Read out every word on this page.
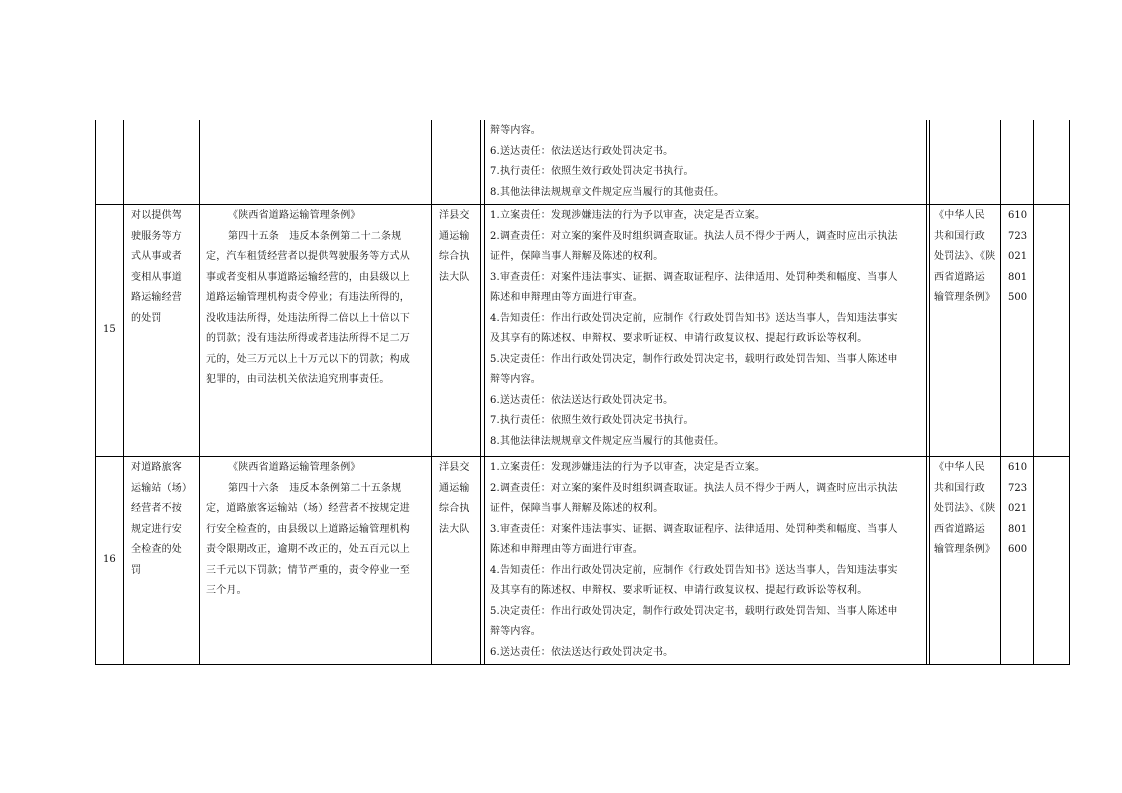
辩等内容。
6.送达责任：依法送达行政处罚决定书。
7.执行责任：依照生效行政处罚决定书执行。
8.其他法律法规规章文件规定应当履行的其他责任。
15
对以提供驾
驶服务等方
式从事或者
变相从事道
路运输经营
的处罚
《陕西省道路运输管理条例》
第四十五条　违反本条例第二十二条规
定，汽车租赁经营者以提供驾驶服务等方式从
事或者变相从事道路运输经营的，由县级以上
道路运输管理机构责令停业；有违法所得的，
没收违法所得，处违法所得二倍以上十倍以下
的罚款；没有违法所得或者违法所得不足二万
元的，处三万元以上十万元以下的罚款；构成
犯罪的，由司法机关依法追究刑事责任。
洋县交
通运输
综合执
法大队
1.立案责任：发现涉嫌违法的行为予以审查，决定是否立案。
2.调查责任：对立案的案件及时组织调查取证。执法人员不得少于两人，调查时应出示执法
证件，保障当事人辩解及陈述的权利。
3.审查责任：对案件违法事实、证据、调查取证程序、法律适用、处罚种类和幅度、当事人
陈述和申辩理由等方面进行审查。
4.告知责任：作出行政处罚决定前，应制作《行政处罚告知书》送达当事人，告知违法事实
及其享有的陈述权、申辩权、要求听证权、申请行政复议权、提起行政诉讼等权利。
5.决定责任：作出行政处罚决定，制作行政处罚决定书，载明行政处罚告知、当事人陈述申
辩等内容。
6.送达责任：依法送达行政处罚决定书。
7.执行责任：依照生效行政处罚决定书执行。
8.其他法律法规规章文件规定应当履行的其他责任。
《中华人民
共和国行政
处罚法》、《陕
西省道路运
输管理条例》
610
723
021
801
500
16
对道路旅客
运输站（场）
经营者不按
规定进行安
全检查的处
罚
《陕西省道路运输管理条例》
第四十六条　违反本条例第二十五条规
定，道路旅客运输站（场）经营者不按规定进
行安全检查的，由县级以上道路运输管理机构
责令限期改正，逾期不改正的，处五百元以上
三千元以下罚款；情节严重的，责令停业一至
三个月。
洋县交
通运输
综合执
法大队
1.立案责任：发现涉嫌违法的行为予以审查，决定是否立案。
2.调查责任：对立案的案件及时组织调查取证。执法人员不得少于两人，调查时应出示执法
证件，保障当事人辩解及陈述的权利。
3.审查责任：对案件违法事实、证据、调查取证程序、法律适用、处罚种类和幅度、当事人
陈述和申辩理由等方面进行审查。
4.告知责任：作出行政处罚决定前，应制作《行政处罚告知书》送达当事人，告知违法事实
及其享有的陈述权、申辩权、要求听证权、申请行政复议权、提起行政诉讼等权利。
5.决定责任：作出行政处罚决定，制作行政处罚决定书，载明行政处罚告知、当事人陈述申
辩等内容。
6.送达责任：依法送达行政处罚决定书。
《中华人民
共和国行政
处罚法》、《陕
西省道路运
输管理条例》
610
723
021
801
600
